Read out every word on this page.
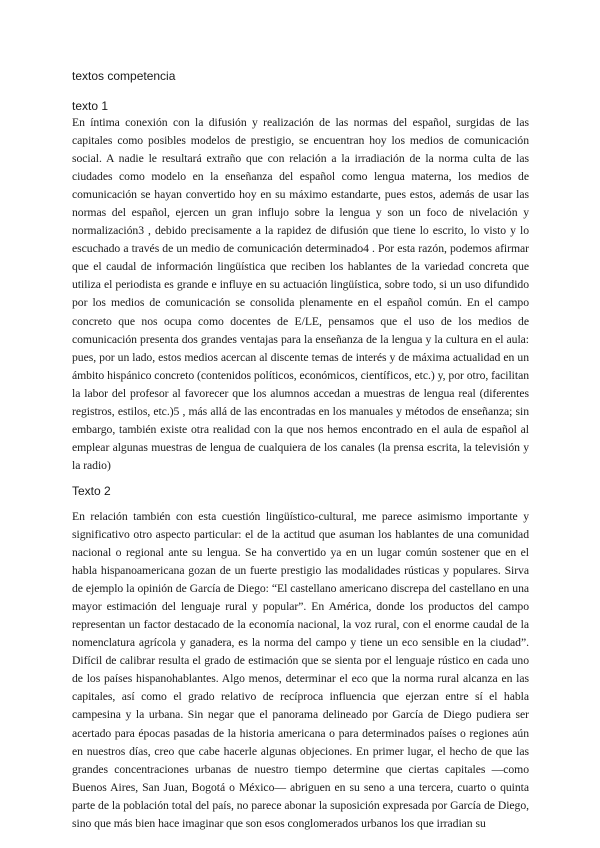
textos competencia

texto 1

En íntima conexión con la difusión y realización de las normas del español, surgidas de las capitales como posibles modelos de prestigio, se encuentran hoy los medios de comunicación social. A nadie le resultará extraño que con relación a la irradiación de la norma culta de las ciudades como modelo en la enseñanza del español como lengua materna, los medios de comunicación se hayan convertido hoy en su máximo estandarte, pues estos, además de usar las normas del español, ejercen un gran influjo sobre la lengua y son un foco de nivelación y normalización3 , debido precisamente a la rapidez de difusión que tiene lo escrito, lo visto y lo escuchado a través de un medio de comunicación determinado4 . Por esta razón, podemos afirmar que el caudal de información lingüística que reciben los hablantes de la variedad concreta que utiliza el periodista es grande e influye en su actuación lingüística, sobre todo, si un uso difundido por los medios de comunicación se consolida plenamente en el español común. En el campo concreto que nos ocupa como docentes de E/LE, pensamos que el uso de los medios de comunicación presenta dos grandes ventajas para la enseñanza de la lengua y la cultura en el aula: pues, por un lado, estos medios acercan al discente temas de interés y de máxima actualidad en un ámbito hispánico concreto (contenidos políticos, económicos, científicos, etc.) y, por otro, facilitan la labor del profesor al favorecer que los alumnos accedan a muestras de lengua real (diferentes registros, estilos, etc.)5 , más allá de las encontradas en los manuales y métodos de enseñanza; sin embargo, también existe otra realidad con la que nos hemos encontrado en el aula de español al emplear algunas muestras de lengua de cualquiera de los canales (la prensa escrita, la televisión y la radio)

Texto 2

En relación también con esta cuestión lingüístico-cultural, me parece asimismo importante y significativo otro aspecto particular: el de la actitud que asuman los hablantes de una comunidad nacional o regional ante su lengua. Se ha convertido ya en un lugar común sostener que en el habla hispanoamericana gozan de un fuerte prestigio las modalidades rústicas y populares. Sirva de ejemplo la opinión de García de Diego: “El castellano americano discrepa del castellano en una mayor estimación del lenguaje rural y popular”. En América, donde los productos del campo representan un factor destacado de la economía nacional, la voz rural, con el enorme caudal de la nomenclatura agrícola y ganadera, es la norma del campo y tiene un eco sensible en la ciudad”. Difícil de calibrar resulta el grado de estimación que se sienta por el lenguaje rústico en cada uno de los países hispanohablantes. Algo menos, determinar el eco que la norma rural alcanza en las capitales, así como el grado relativo de recíproca influencia que ejerzan entre sí el habla campesina y la urbana. Sin negar que el panorama delineado por García de Diego pudiera ser acertado para épocas pasadas de la historia americana o para determinados países o regiones aún en nuestros días, creo que cabe hacerle algunas objeciones. En primer lugar, el hecho de que las grandes concentraciones urbanas de nuestro tiempo determine que ciertas capitales —como Buenos Aires, San Juan, Bogotá o México— abriguen en su seno a una tercera, cuarto o quinta parte de la población total del país, no parece abonar la suposición expresada por García de Diego, sino que más bien hace imaginar que son esos conglomerados urbanos los que irradian su
